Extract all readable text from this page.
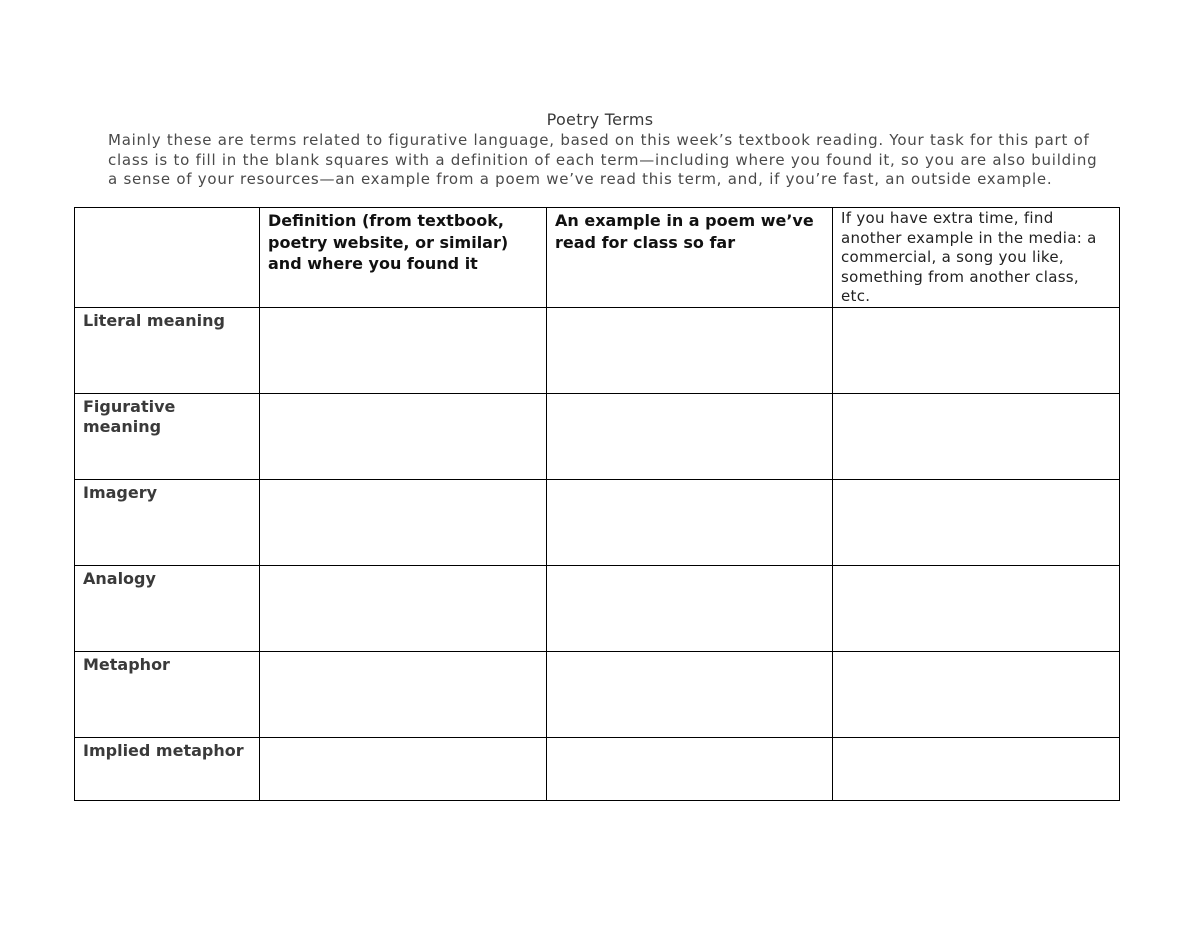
Poetry Terms

Mainly these are terms related to figurative language, based on this week’s textbook reading. Your task for this part of class is to fill in the blank squares with a definition of each term—including where you found it, so you are also building a sense of your resources—an example from a poem we’ve read this term, and, if you’re fast, an outside example.

	Definition (from textbook, poetry website, or similar) and where you found it	An example in a poem we’ve read for class so far	If you have extra time, find another example in the media: a commercial, a song you like, something from another class, etc.

Literal meaning			

Figurative meaning			

Imagery			

Analogy			

Metaphor			

Implied metaphor			
